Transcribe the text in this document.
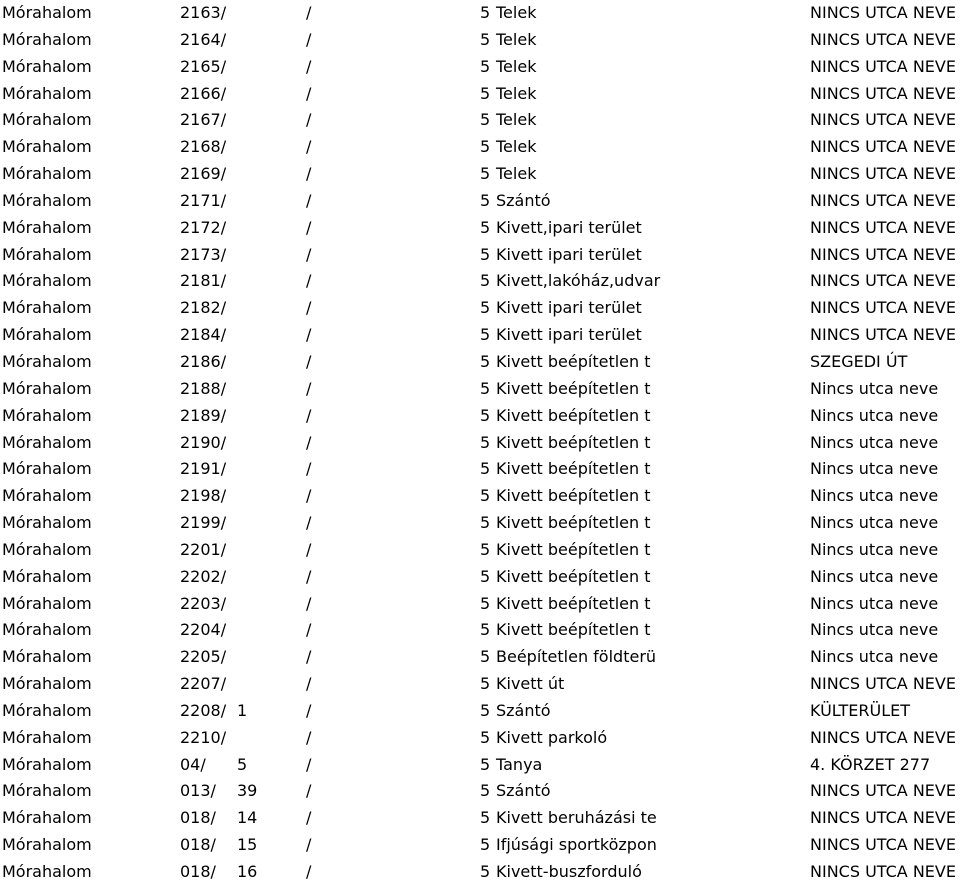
Mórahalom	2163/	/	5 Telek	NINCS UTCA NEVE
Mórahalom	2164/	/	5 Telek	NINCS UTCA NEVE
Mórahalom	2165/	/	5 Telek	NINCS UTCA NEVE
Mórahalom	2166/	/	5 Telek	NINCS UTCA NEVE
Mórahalom	2167/	/	5 Telek	NINCS UTCA NEVE
Mórahalom	2168/	/	5 Telek	NINCS UTCA NEVE
Mórahalom	2169/	/	5 Telek	NINCS UTCA NEVE
Mórahalom	2171/	/	5 Szántó	NINCS UTCA NEVE
Mórahalom	2172/	/	5 Kivett,ipari terület	NINCS UTCA NEVE
Mórahalom	2173/	/	5 Kivett ipari terület	NINCS UTCA NEVE
Mórahalom	2181/	/	5 Kivett,lakóház,udvar	NINCS UTCA NEVE
Mórahalom	2182/	/	5 Kivett ipari terület	NINCS UTCA NEVE
Mórahalom	2184/	/	5 Kivett ipari terület	NINCS UTCA NEVE
Mórahalom	2186/	/	5 Kivett beépítetlen t	SZEGEDI ÚT
Mórahalom	2188/	/	5 Kivett beépítetlen t	Nincs utca neve
Mórahalom	2189/	/	5 Kivett beépítetlen t	Nincs utca neve
Mórahalom	2190/	/	5 Kivett beépítetlen t	Nincs utca neve
Mórahalom	2191/	/	5 Kivett beépítetlen t	Nincs utca neve
Mórahalom	2198/	/	5 Kivett beépítetlen t	Nincs utca neve
Mórahalom	2199/	/	5 Kivett beépítetlen t	Nincs utca neve
Mórahalom	2201/	/	5 Kivett beépítetlen t	Nincs utca neve
Mórahalom	2202/	/	5 Kivett beépítetlen t	Nincs utca neve
Mórahalom	2203/	/	5 Kivett beépítetlen t	Nincs utca neve
Mórahalom	2204/	/	5 Kivett beépítetlen t	Nincs utca neve
Mórahalom	2205/	/	5 Beépítetlen földterü	Nincs utca neve
Mórahalom	2207/	/	5 Kivett út	NINCS UTCA NEVE
Mórahalom	2208/ 1	/	5 Szántó	KÜLTERÜLET
Mórahalom	2210/	/	5 Kivett parkoló	NINCS UTCA NEVE
Mórahalom	04/ 5	/	5 Tanya	4. KÖRZET 277
Mórahalom	013/ 39	/	5 Szántó	NINCS UTCA NEVE
Mórahalom	018/ 14	/	5 Kivett beruházási te	NINCS UTCA NEVE
Mórahalom	018/ 15	/	5 Ifjúsági sportközpon	NINCS UTCA NEVE
Mórahalom	018/ 16	/	5 Kivett-buszforduló	NINCS UTCA NEVE
